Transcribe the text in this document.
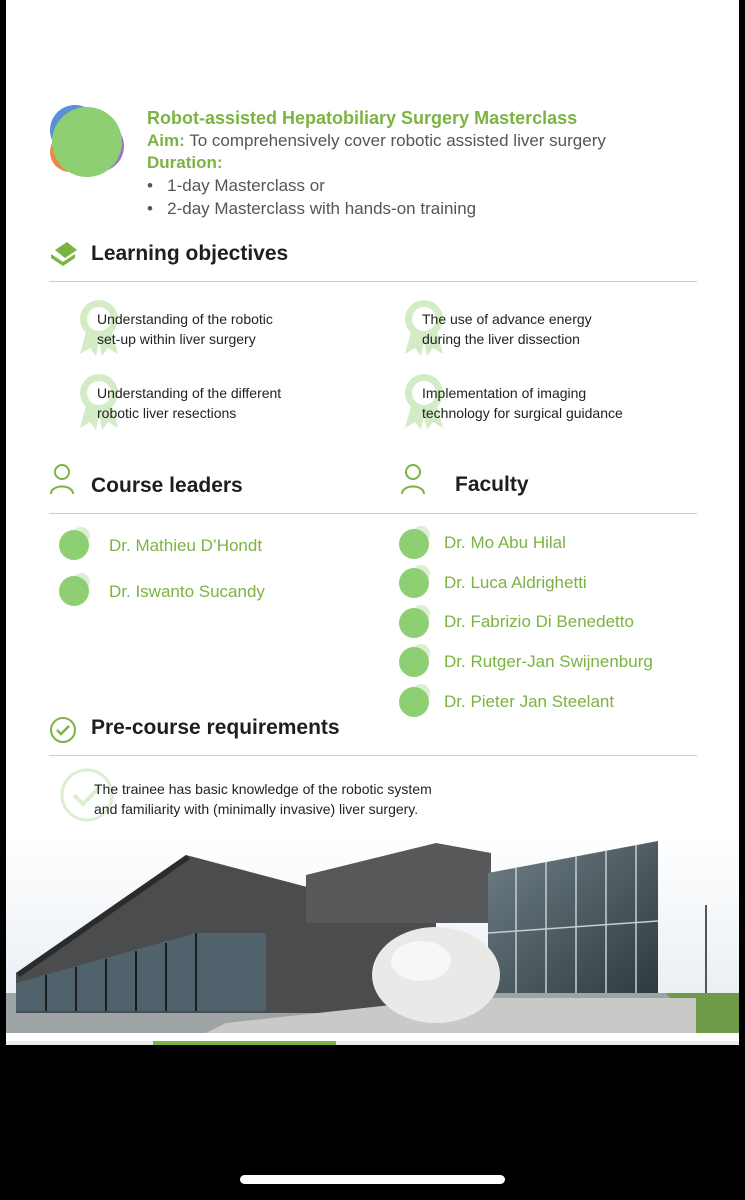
Robot-assisted Hepatobiliary Surgery Masterclass
Aim: To comprehensively cover robotic assisted liver surgery
Duration:
•   1-day Masterclass or
•   2-day Masterclass with hands-on training
Learning objectives
Understanding of the robotic
set-up within liver surgery
The use of advance energy
during the liver dissection
Understanding of the different
robotic liver resections
Implementation of imaging
technology for surgical guidance
Course leaders	Faculty
Dr. Mathieu D’Hondt
Dr. Iswanto Sucandy
Dr. Mo Abu Hilal
Dr. Luca Aldrighetti
Dr. Fabrizio Di Benedetto
Dr. Rutger-Jan Swijnenburg
Dr. Pieter Jan Steelant
Pre-course requirements
The trainee has basic knowledge of the robotic system
and familiarity with (minimally invasive) liver surgery.
